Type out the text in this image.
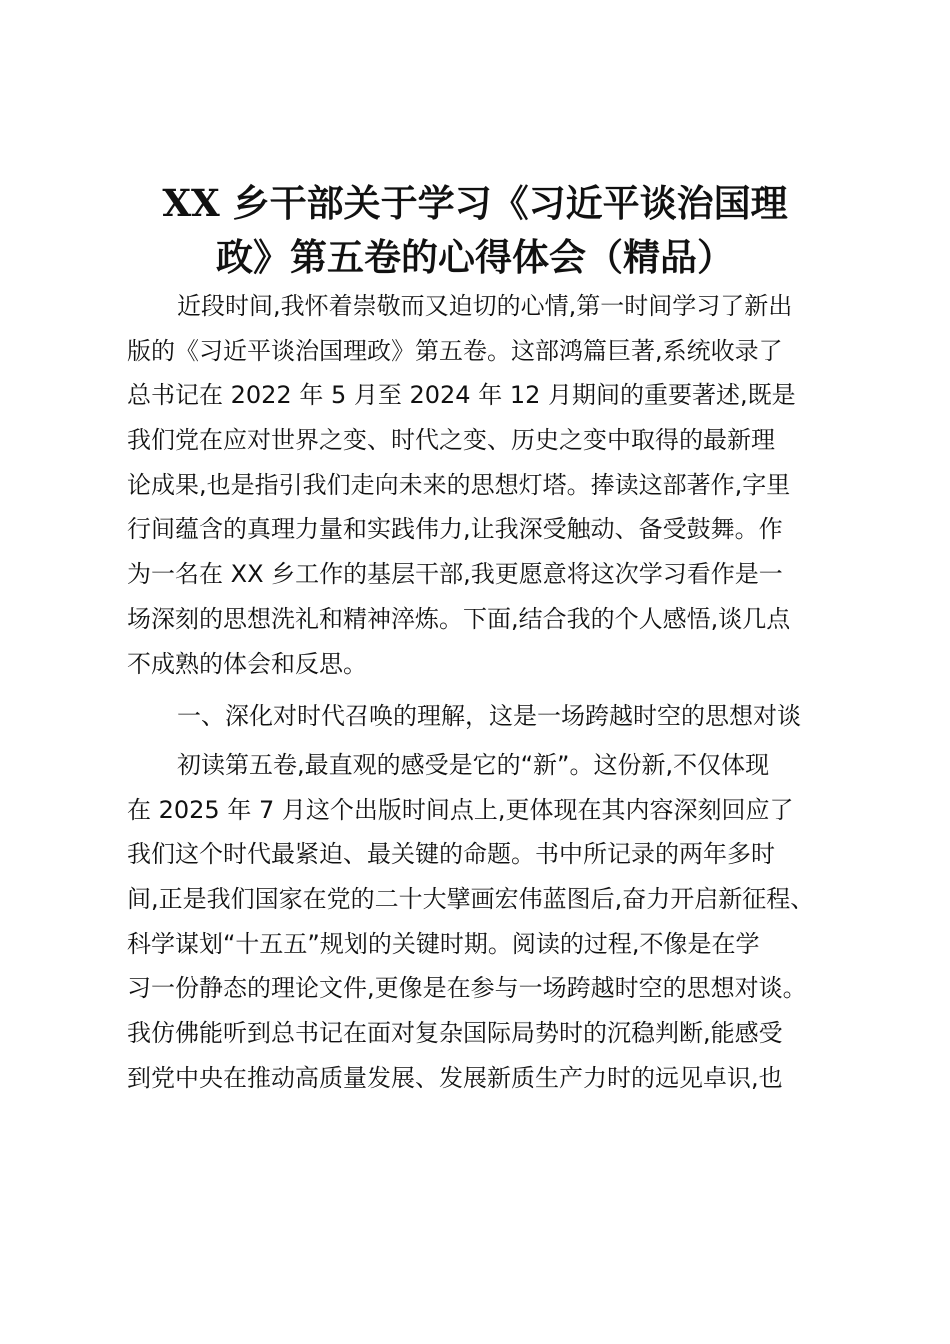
XX 乡干部关于学习《习近平谈治国理
政》第五卷的心得体会（精品）
近段时间,我怀着崇敬而又迫切的心情,第一时间学习了新出
版的《习近平谈治国理政》第五卷。这部鸿篇巨著,系统收录了
总书记在 2022 年 5 月至 2024 年 12 月期间的重要著述,既是
我们党在应对世界之变、时代之变、历史之变中取得的最新理
论成果,也是指引我们走向未来的思想灯塔。捧读这部著作,字里
行间蕴含的真理力量和实践伟力,让我深受触动、备受鼓舞。作
为一名在 XX 乡工作的基层干部,我更愿意将这次学习看作是一
场深刻的思想洗礼和精神淬炼。下面,结合我的个人感悟,谈几点
不成熟的体会和反思。
一、深化对时代召唤的理解，这是一场跨越时空的思想对谈
初读第五卷,最直观的感受是它的“新”。这份新,不仅体现
在 2025 年 7 月这个出版时间点上,更体现在其内容深刻回应了
我们这个时代最紧迫、最关键的命题。书中所记录的两年多时
间,正是我们国家在党的二十大擘画宏伟蓝图后,奋力开启新征程、
科学谋划“十五五”规划的关键时期。阅读的过程,不像是在学
习一份静态的理论文件,更像是在参与一场跨越时空的思想对谈。
我仿佛能听到总书记在面对复杂国际局势时的沉稳判断,能感受
到党中央在推动高质量发展、发展新质生产力时的远见卓识,也
